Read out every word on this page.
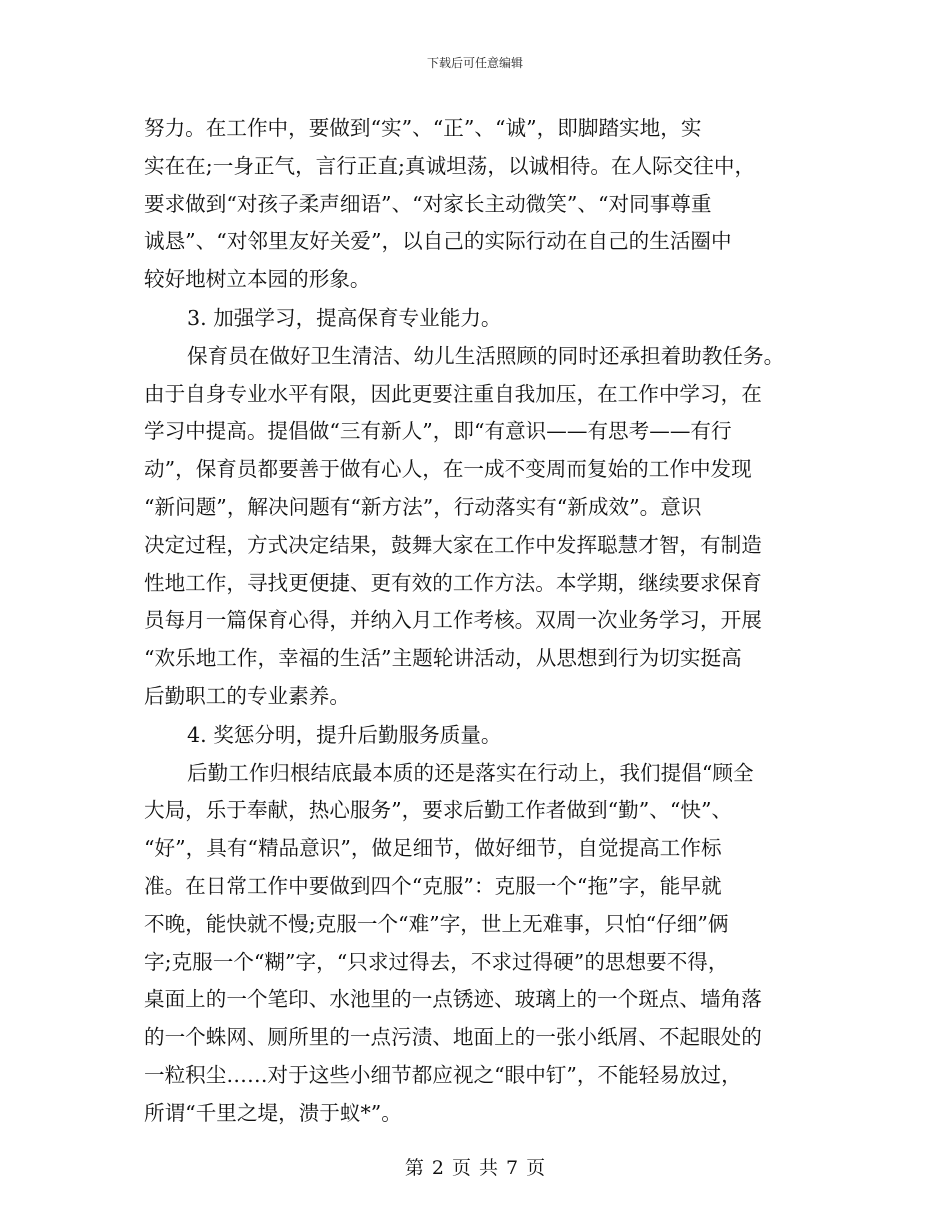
下载后可任意编辑
努力。在工作中，要做到“实”、“正”、“诚”，即脚踏实地，实
实在在;一身正气，言行正直;真诚坦荡，以诚相待。在人际交往中，
要求做到“对孩子柔声细语”、“对家长主动微笑”、“对同事尊重
诚恳”、“对邻里友好关爱”，以自己的实际行动在自己的生活圈中
较好地树立本园的形象。
3. 加强学习，提高保育专业能力。
保育员在做好卫生清洁、幼儿生活照顾的同时还承担着助教任务。
由于自身专业水平有限，因此更要注重自我加压，在工作中学习，在
学习中提高。提倡做“三有新人”，即“有意识——有思考——有行
动”，保育员都要善于做有心人，在一成不变周而复始的工作中发现
“新问题”，解决问题有“新方法”，行动落实有“新成效”。意识
决定过程，方式决定结果，鼓舞大家在工作中发挥聪慧才智，有制造
性地工作，寻找更便捷、更有效的工作方法。本学期，继续要求保育
员每月一篇保育心得，并纳入月工作考核。双周一次业务学习，开展
“欢乐地工作，幸福的生活”主题轮讲活动，从思想到行为切实挺高
后勤职工的专业素养。
4. 奖惩分明，提升后勤服务质量。
后勤工作归根结底最本质的还是落实在行动上，我们提倡“顾全
大局，乐于奉献，热心服务”，要求后勤工作者做到“勤”、“快”、
“好”，具有“精品意识”，做足细节，做好细节，自觉提高工作标
准。在日常工作中要做到四个“克服”：克服一个“拖”字，能早就
不晚，能快就不慢;克服一个“难”字，世上无难事，只怕“仔细”俩
字;克服一个“糊”字，“只求过得去，不求过得硬”的思想要不得，
桌面上的一个笔印、水池里的一点锈迹、玻璃上的一个斑点、墙角落
的一个蛛网、厕所里的一点污渍、地面上的一张小纸屑、不起眼处的
一粒积尘……对于这些小细节都应视之“眼中钉”，不能轻易放过，
所谓“千里之堤，溃于蚁*”。
第 2 页 共 7 页
